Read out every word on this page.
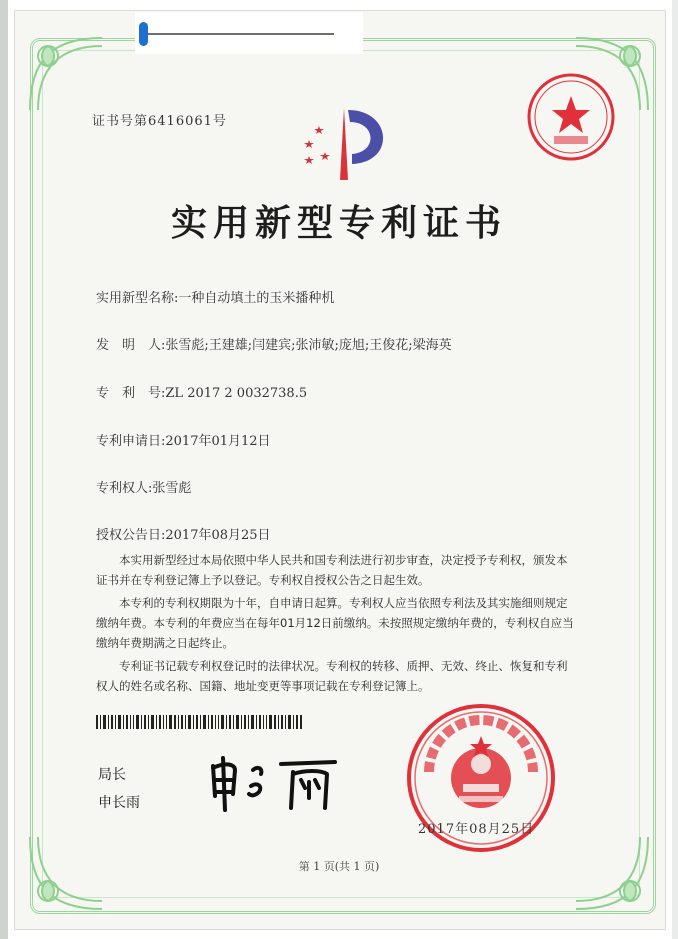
证书号第6416061号
实用新型专利证书
实用新型名称:一种自动填土的玉米播种机
发　明　人:张雪彪;王建雄;闫建宾;张沛敏;庞旭;王俊花;梁海英
专　利　号:ZL 2017 2 0032738.5
专利申请日:2017年01月12日
专利权人:张雪彪
授权公告日:2017年08月25日

本实用新型经过本局依照中华人民共和国专利法进行初步审查，决定授予专利权，颁发本证书并在专利登记簿上予以登记。专利权自授权公告之日起生效。

本专利的专利权期限为十年，自申请日起算。专利权人应当依照专利法及其实施细则规定缴纳年费。本专利的年费应当在每年01月12日前缴纳。未按照规定缴纳年费的，专利权自应当缴纳年费期满之日起终止。

专利证书记载专利权登记时的法律状况。专利权的转移、质押、无效、终止、恢复和专利权人的姓名或名称、国籍、地址变更等事项记载在专利登记簿上。

局长
申长雨
2017年08月25日
第 1 页(共 1 页)
